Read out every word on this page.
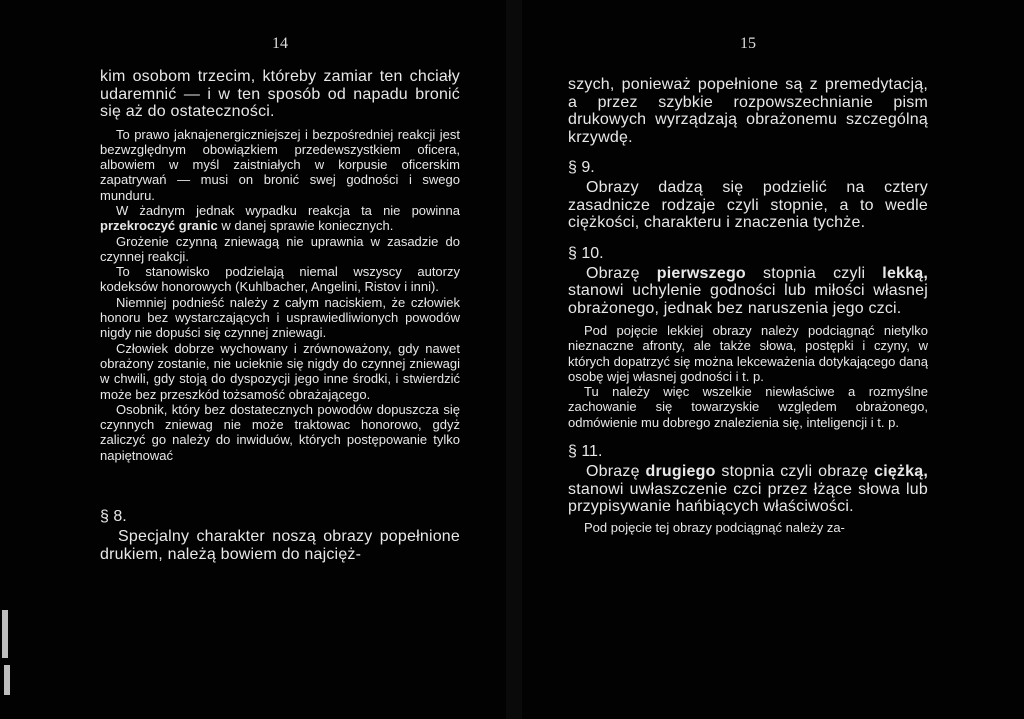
14

kim osobom trzecim, któreby zamiar ten chciały udaremnić — i w ten sposób od napadu bronić się aż do ostateczności.

To prawo jaknajenergiczniejszej i bezpośredniej reakcji jest bezwzględnym obowiązkiem przedewszystkiem oficera, albowiem w myśl zaistniałych w korpusie oficerskim zapatrywań — musi on bronić swej godności i swego munduru.

W żadnym jednak wypadku reakcja ta nie powinna przekroczyć granic w danej sprawie koniecznych.

Grożenie czynną zniewagą nie uprawnia w zasadzie do czynnej reakcji.

To stanowisko podzielają niemal wszyscy autorzy kodeksów honorowych (Kuhlbacher, Angelini, Ristov i inni).

Niemniej podnieść należy z całym naciskiem, że człowiek honoru bez wystarczających i usprawiedliwionych powodów nigdy nie dopuści się czynnej zniewagi.

Człowiek dobrze wychowany i zrównoważony, gdy nawet obrażony zostanie, nie ucieknie się nigdy do czynnej zniewagi w chwili, gdy stoją do dyspozycji jego inne środki, i stwierdzić może bez przeszkód tożsamość obrażającego.

Osobnik, który bez dostatecznych powodów dopuszcza się czynnych zniewag nie może traktowac honorowo, gdyż zaliczyć go należy do inwiduów, których postępowanie tylko napiętnować

§ 8.

Specjalny charakter noszą obrazy popełnione drukiem, należą bowiem do najcięż-

15

szych, ponieważ popełnione są z premedytacją, a przez szybkie rozpowszechnianie pism drukowych wyrządzają obrażonemu szczególną krzywdę.

§ 9.

Obrazy dadzą się podzielić na cztery zasadnicze rodzaje czyli stopnie, a to wedle ciężkości, charakteru i znaczenia tychże.

§ 10.

Obrazę pierwszego stopnia czyli lekką, stanowi uchylenie godności lub miłości własnej obrażonego, jednak bez naruszenia jego czci.

Pod pojęcie lekkiej obrazy należy podciągnąć nietylko nieznaczne afronty, ale także słowa, postępki i czyny, w których dopatrzyć się można lekceważenia dotykającego daną osobę wjej własnej godności i t. p.

Tu należy więc wszelkie niewłaściwe a rozmyślne zachowanie się towarzyskie względem obrażonego, odmówienie mu dobrego znalezienia się, inteligencji i t. p.

§ 11.

Obrazę drugiego stopnia czyli obrazę ciężką, stanowi uwłaszczenie czci przez łżące słowa lub przypisywanie hańbiących właściwości.

Pod pojęcie tej obrazy podciągnąć należy za-
